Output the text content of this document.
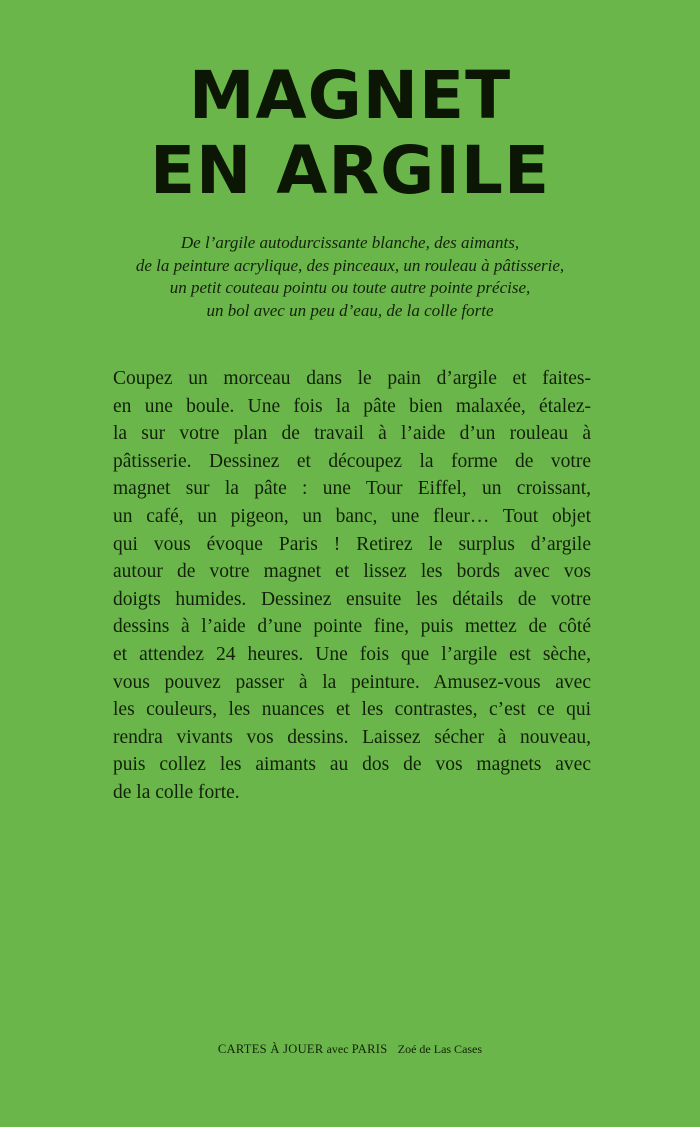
MAGNET
EN ARGILE

De l’argile autodurcissante blanche, des aimants,
de la peinture acrylique, des pinceaux, un rouleau à pâtisserie,
un petit couteau pointu ou toute autre pointe précise,
un bol avec un peu d’eau, de la colle forte

Coupez un morceau dans le pain d’argile et faites-
en une boule. Une fois la pâte bien malaxée, étalez-
la sur votre plan de travail à l’aide d’un rouleau à
pâtisserie. Dessinez et découpez la forme de votre
magnet sur la pâte : une Tour Eiffel, un croissant,
un café, un pigeon, un banc, une fleur… Tout objet
qui vous évoque Paris ! Retirez le surplus d’argile
autour de votre magnet et lissez les bords avec vos
doigts humides. Dessinez ensuite les détails de votre
dessins à l’aide d’une pointe fine, puis mettez de côté
et attendez 24 heures. Une fois que l’argile est sèche,
vous pouvez passer à la peinture. Amusez-vous avec
les couleurs, les nuances et les contrastes, c’est ce qui
rendra vivants vos dessins. Laissez sécher à nouveau,
puis collez les aimants au dos de vos magnets avec
de la colle forte.

CARTES À JOUER avec PARIS Zoé de Las Cases
